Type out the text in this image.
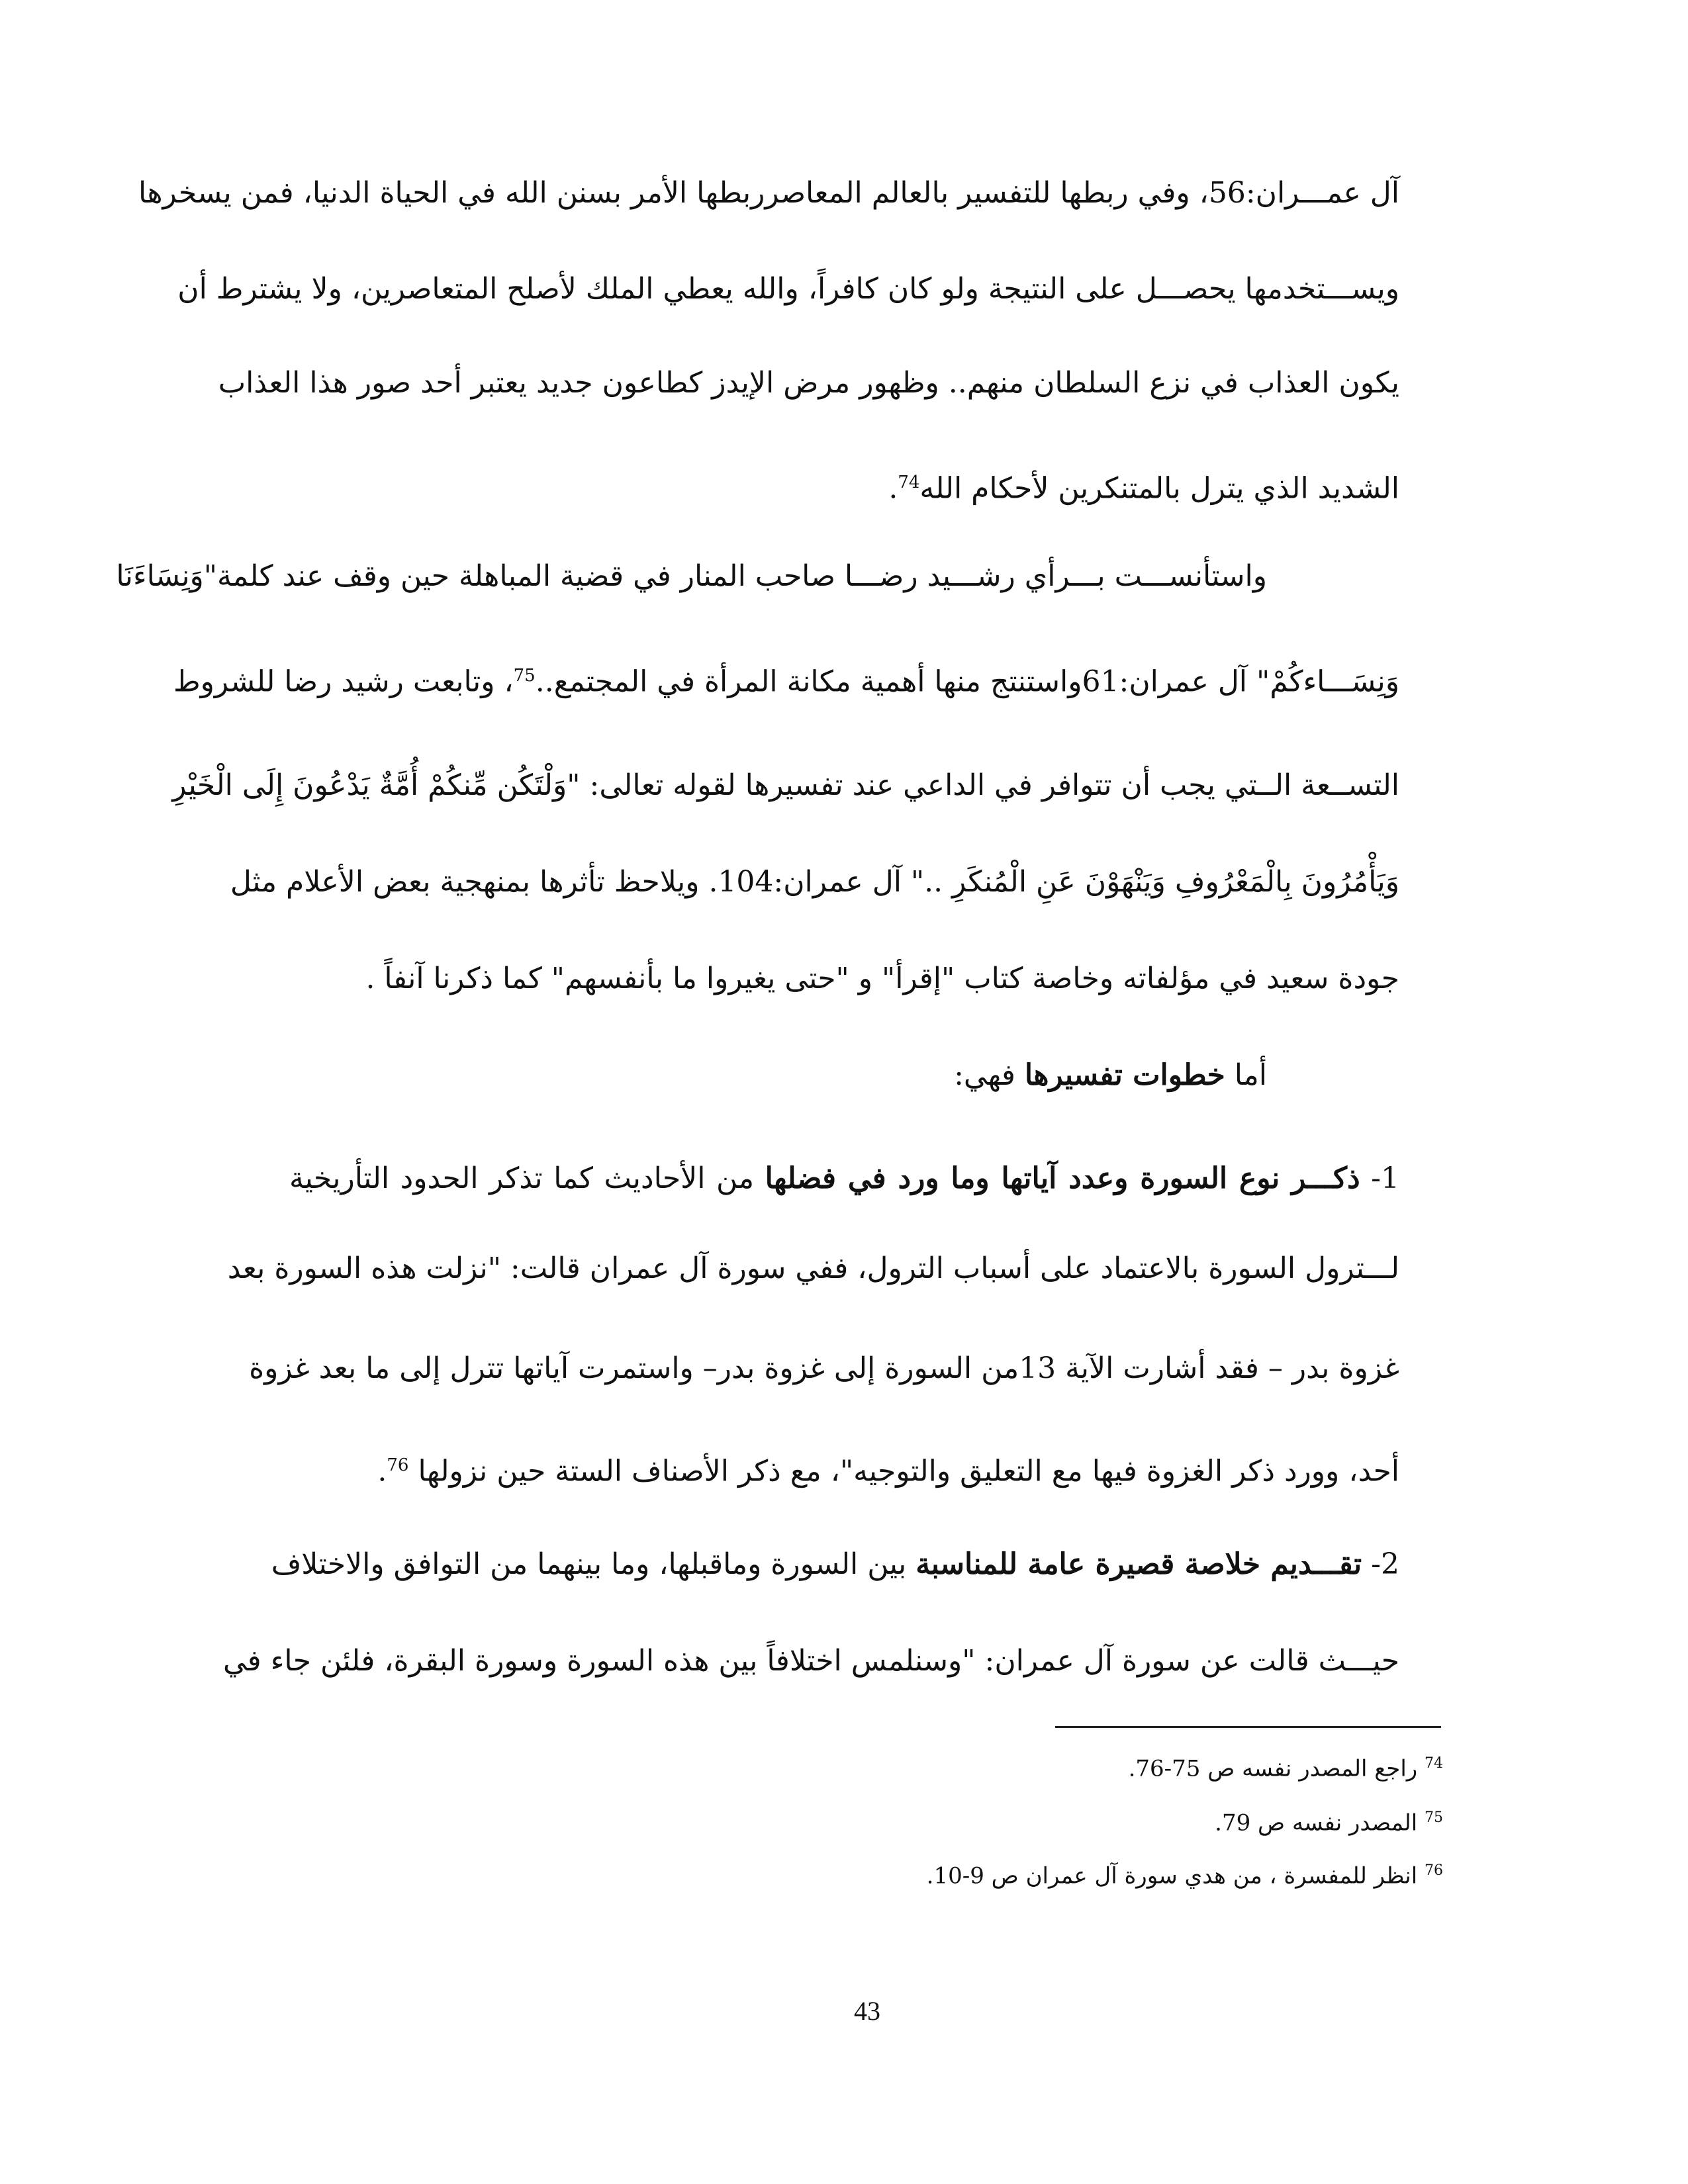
آل عمـــران:56، وفي ربطها للتفسير بالعالم المعاصرربطها الأمر بسنن الله في الحياة الدنيا، فمن يسخرها
ويســـتخدمها يحصـــل على النتيجة ولو كان كافراً، والله يعطي الملك لأصلح المتعاصرين، ولا يشترط أن
يكون العذاب في نزع السلطان منهم.. وظهور مرض الإيدز كطاعون جديد يعتبر أحد صور هذا العذاب
الشديد الذي يترل بالمتنكرين لأحكام الله$^{74}$.
واستأنســـت بـــرأي رشـــيد رضـــا صاحب المنار في قضية المباهلة حين وقف عند كلمة"وَنِسَاءَنَا
وَنِسَـــاءكُمْ" آل عمران:61واستنتج منها أهمية مكانة المرأة في المجتمع..$^{75}$، وتابعت رشيد رضا للشروط
التســعة الــتي يجب أن تتوافر في الداعي عند تفسيرها لقوله تعالى: "وَلْتَكُن مِّنكُمْ أُمَّةٌ يَدْعُونَ إِلَى الْخَيْرِ
وَيَأْمُرُونَ بِالْمَعْرُوفِ وَيَنْهَوْنَ عَنِ الْمُنكَرِ .." آل عمران:104. ويلاحظ تأثرها بمنهجية بعض الأعلام مثل
جودة سعيد في مؤلفاته وخاصة كتاب "إقرأ" و "حتى يغيروا ما بأنفسهم" كما ذكرنا آنفاً .
أما خطوات تفسيرها فهي:
1- ذكـــر نوع السورة وعدد آياتها وما ورد في فضلها من الأحاديث كما تذكر الحدود التأريخية
لـــترول السورة بالاعتماد على أسباب الترول، ففي سورة آل عمران قالت: "نزلت هذه السورة بعد
غزوة بدر – فقد أشارت الآية 13من السورة إلى غزوة بدر– واستمرت آياتها تترل إلى ما بعد غزوة
أحد، وورد ذكر الغزوة فيها مع التعليق والتوجيه"، مع ذكر الأصناف الستة حين نزولها $^{76}$.
2- تقـــديم خلاصة قصيرة عامة للمناسبة بين السورة وماقبلها، وما بينهما من التوافق والاختلاف
حيـــث قالت عن سورة آل عمران: "وسنلمس اختلافاً بين هذه السورة وسورة البقرة، فلئن جاء في
$^{74}$ راجع المصدر نفسه ص 75-76.
$^{75}$ المصدر نفسه ص 79.
$^{76}$ انظر للمفسرة ، من هدي سورة آل عمران ص 9-10.
43
